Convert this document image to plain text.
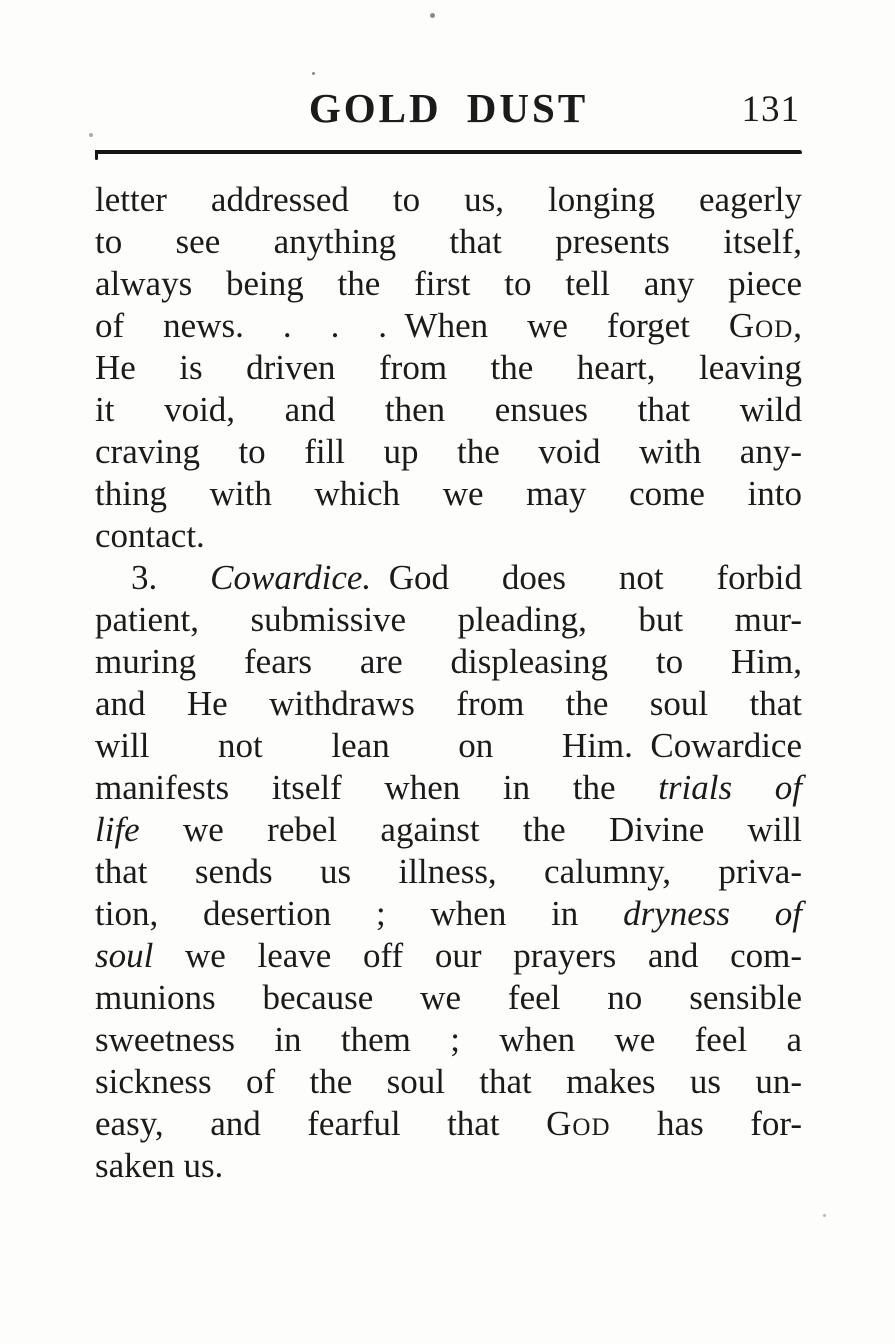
GOLD DUST	131
letter addressed to us, longing eagerly
to see anything that presents itself,
always being the first to tell any piece
of news. . . . When we forget God,
He is driven from the heart, leaving
it void, and then ensues that wild
craving to fill up the void with any-
thing with which we may come into
contact.
3. Cowardice. God does not forbid
patient, submissive pleading, but mur-
muring fears are displeasing to Him,
and He withdraws from the soul that
will not lean on Him. Cowardice
manifests itself when in the trials of
life we rebel against the Divine will
that sends us illness, calumny, priva-
tion, desertion ; when in dryness of
soul we leave off our prayers and com-
munions because we feel no sensible
sweetness in them ; when we feel a
sickness of the soul that makes us un-
easy, and fearful that God has for-
saken us.
